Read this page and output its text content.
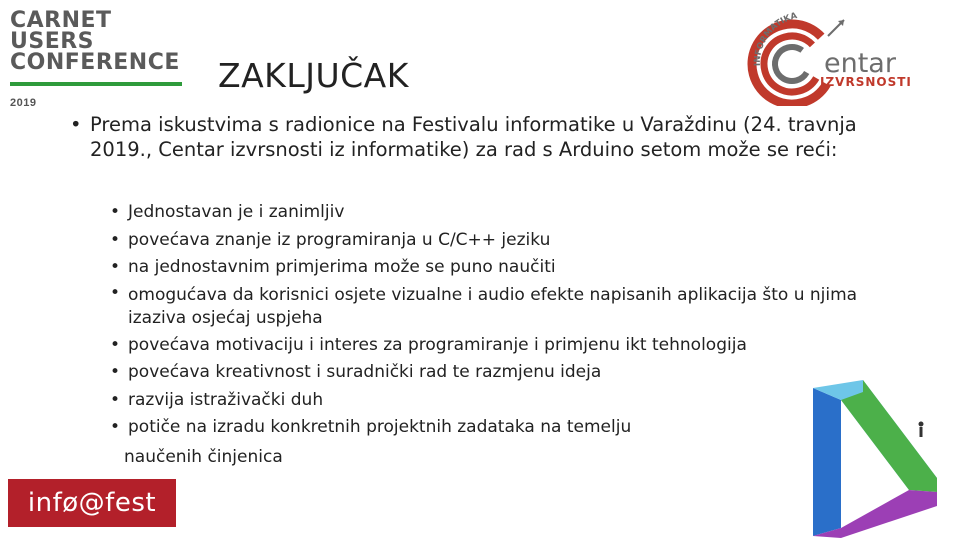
CARNET
USERS
CONFERENCE
2019
ZAKLJUČAK	INFORMATIKA
entar
IZVRSNOSTI
• Prema iskustvima s radionice na Festivalu informatike u Varaždinu (24. travnja 2019., Centar izvrsnosti iz informatike) za rad s Arduino setom može se reći:
• Jednostavan je i zanimljiv
• povećava znanje iz programiranja u C/C++ jeziku
• na jednostavnim primjerima može se puno naučiti
• omogućava da korisnici osjete vizualne i audio efekte napisanih aplikacija što u njima izaziva osjećaj uspjeha
• povećava motivaciju i interes za programiranje i primjenu ikt tehnologija
• povećava kreativnost i suradnički rad te razmjenu ideja
• razvija istraživački duh
• potiče na izradu konkretnih projektnih zadataka na temelju
naučenih činjenica
infø@fest
